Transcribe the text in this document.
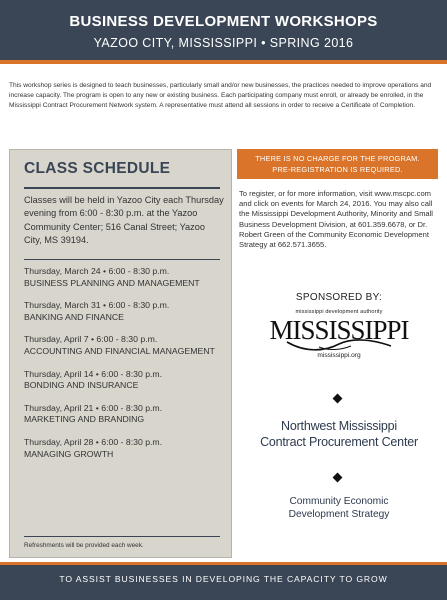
BUSINESS DEVELOPMENT WORKSHOPS
YAZOO CITY, MISSISSIPPI • SPRING 2016

This workshop series is designed to teach businesses, particularly small and/or new businesses, the practices needed to improve operations and increase capacity. The program is open to any new or existing business. Each participating company must enroll, or already be enrolled, in the Mississippi Contract Procurement Network system. A representative must attend all sessions in order to receive a Certificate of Completion.

CLASS SCHEDULE

Classes will be held in Yazoo City each Thursday evening from 6:00 - 8:30 p.m. at the Yazoo Community Center; 516 Canal Street; Yazoo City, MS 39194.

Thursday, March 24 • 6:00 - 8:30 p.m.
BUSINESS PLANNING AND MANAGEMENT
Thursday, March 31 • 6:00 - 8:30 p.m.
BANKING AND FINANCE
Thursday, April 7 • 6:00 - 8:30 p.m.
ACCOUNTING AND FINANCIAL MANAGEMENT
Thursday, April 14 • 6:00 - 8:30 p.m.
BONDING AND INSURANCE
Thursday, April 21 • 6:00 - 8:30 p.m.
MARKETING AND BRANDING
Thursday, April 28 • 6:00 - 8:30 p.m.
MANAGING GROWTH
Refreshments will be provided each week.
THERE IS NO CHARGE FOR THE PROGRAM.
PRE-REGISTRATION IS REQUIRED.

To register, or for more information, visit www.mscpc.com and click on events for March 24, 2016. You may also call the Mississippi Development Authority, Minority and Small Business Development Division, at 601.359.6678, or Dr. Robert Green of the Community Economic Development Strategy at 662.571.3655.

SPONSORED BY:
mississippi development authority
MISSISSIPPI
mississippi.org
Northwest Mississippi
Contract Procurement Center
Community Economic
Development Strategy
TO ASSIST BUSINESSES IN DEVELOPING THE CAPACITY TO GROW
